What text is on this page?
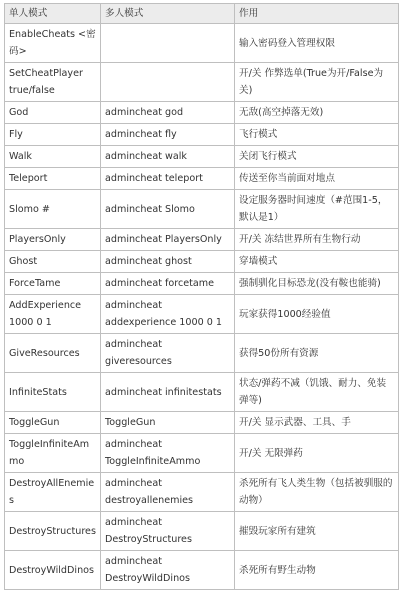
单人模式	多人模式	作用
EnableCheats <密码>		输入密码登入管理权限
SetCheatPlayer true/false		开/关 作弊选单(True为开/False为关)
God	admincheat god	无敌(高空掉落无效)
Fly	admincheat fly	飞行模式
Walk	admincheat walk	关闭飞行模式
Teleport	admincheat teleport	传送至你当前面对地点
Slomo #	admincheat Slomo	设定服务器时间速度（#范围1-5，默认是1）
PlayersOnly	admincheat PlayersOnly	开/关 冻结世界所有生物行动
Ghost	admincheat ghost	穿墙模式
ForceTame	admincheat forcetame	强制驯化目标恐龙(没有鞍也能骑)
AddExperience 1000 0 1	admincheat addexperience 1000 0 1	玩家获得1000经验值
GiveResources	admincheat giveresources	获得50份所有资源
InfiniteStats	admincheat infinitestats	状态/弹药不减（饥饿、耐力、免装弹等)
ToggleGun	ToggleGun	开/关 显示武器、工具、手
ToggleInfiniteAmmo	admincheat ToggleInfiniteAmmo	开/关 无限弹药
DestroyAllEnemies	admincheat destroyallenemies	杀死所有飞人类生物（包括被驯服的动物）
DestroyStructures	admincheat DestroyStructures	摧毁玩家所有建筑
DestroyWildDinos	admincheat DestroyWildDinos	杀死所有野生动物
